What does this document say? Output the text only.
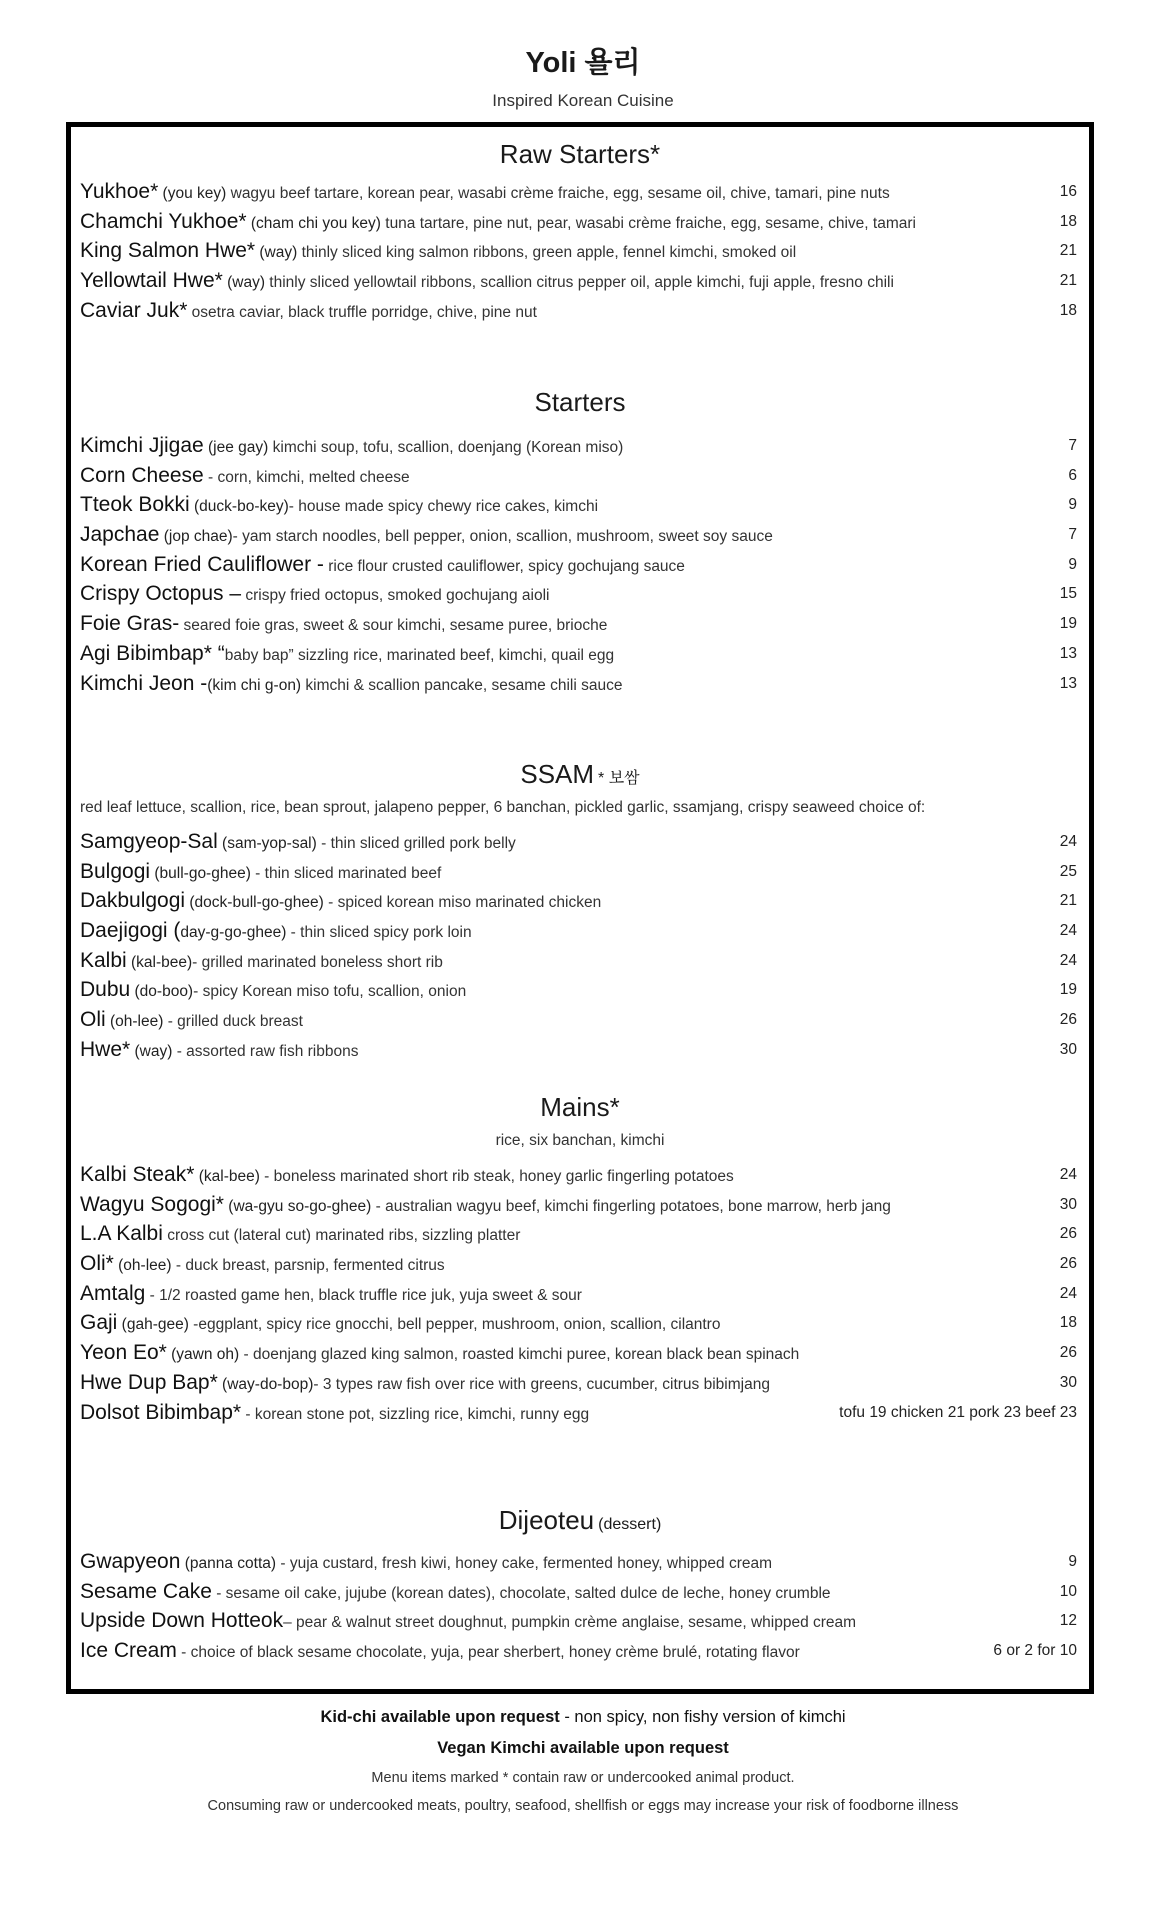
Yoli 욜리
Inspired Korean Cuisine
Raw Starters*
Yukhoe* (you key) wagyu beef tartare, korean pear, wasabi crème fraiche, egg, sesame oil, chive, tamari, pine nuts	16
Chamchi Yukhoe* (cham chi you key) tuna tartare, pine nut, pear, wasabi crème fraiche, egg, sesame, chive, tamari	18
King Salmon Hwe* (way) thinly sliced king salmon ribbons, green apple, fennel kimchi, smoked oil	21
Yellowtail Hwe* (way) thinly sliced yellowtail ribbons, scallion citrus pepper oil, apple kimchi, fuji apple, fresno chili	21
Caviar Juk* osetra caviar, black truffle porridge, chive, pine nut	18
Starters
Kimchi Jjigae (jee gay) kimchi soup, tofu, scallion, doenjang (Korean miso)	7
Corn Cheese - corn, kimchi, melted cheese	6
Tteok Bokki (duck-bo-key)- house made spicy chewy rice cakes, kimchi	9
Japchae (jop chae)- yam starch noodles, bell pepper, onion, scallion, mushroom, sweet soy sauce	7
Korean Fried Cauliflower - rice flour crusted cauliflower, spicy gochujang sauce	9
Crispy Octopus – crispy fried octopus, smoked gochujang aioli	15
Foie Gras- seared foie gras, sweet & sour kimchi, sesame puree, brioche	19
Agi Bibimbap* “baby bap” sizzling rice, marinated beef, kimchi, quail egg	13
Kimchi Jeon -(kim chi g-on) kimchi & scallion pancake, sesame chili sauce	13
SSAM * 보쌈
red leaf lettuce, scallion, rice, bean sprout, jalapeno pepper, 6 banchan, pickled garlic, ssamjang, crispy seaweed choice of:
Samgyeop-Sal (sam-yop-sal) - thin sliced grilled pork belly	24
Bulgogi (bull-go-ghee) - thin sliced marinated beef	25
Dakbulgogi (dock-bull-go-ghee) - spiced korean miso marinated chicken	21
Daejigogi (day-g-go-ghee) - thin sliced spicy pork loin	24
Kalbi (kal-bee)- grilled marinated boneless short rib	24
Dubu (do-boo)- spicy Korean miso tofu, scallion, onion	19
Oli (oh-lee) - grilled duck breast	26
Hwe* (way) - assorted raw fish ribbons	30
Mains*
rice, six banchan, kimchi
Kalbi Steak* (kal-bee) - boneless marinated short rib steak, honey garlic fingerling potatoes	24
Wagyu Sogogi* (wa-gyu so-go-ghee) - australian wagyu beef, kimchi fingerling potatoes, bone marrow, herb jang	30
L.A Kalbi cross cut (lateral cut) marinated ribs, sizzling platter	26
Oli* (oh-lee) - duck breast, parsnip, fermented citrus	26
Amtalg - 1/2 roasted game hen, black truffle rice juk, yuja sweet & sour	24
Gaji (gah-gee) -eggplant, spicy rice gnocchi, bell pepper, mushroom, onion, scallion, cilantro	18
Yeon Eo* (yawn oh) - doenjang glazed king salmon, roasted kimchi puree, korean black bean spinach	26
Hwe Dup Bap* (way-do-bop)- 3 types raw fish over rice with greens, cucumber, citrus bibimjang	30
Dolsot Bibimbap* - korean stone pot, sizzling rice, kimchi, runny egg	tofu 19 chicken 21 pork 23 beef 23
Dijeoteu (dessert)
Gwapyeon (panna cotta) - yuja custard, fresh kiwi, honey cake, fermented honey, whipped cream	9
Sesame Cake - sesame oil cake, jujube (korean dates), chocolate, salted dulce de leche, honey crumble	10
Upside Down Hotteok– pear & walnut street doughnut, pumpkin crème anglaise, sesame, whipped cream	12
Ice Cream - choice of black sesame chocolate, yuja, pear sherbert, honey crème brulé, rotating flavor	6 or 2 for 10
Kid-chi available upon request - non spicy, non fishy version of kimchi
Vegan Kimchi available upon request
Menu items marked * contain raw or undercooked animal product.
Consuming raw or undercooked meats, poultry, seafood, shellfish or eggs may increase your risk of foodborne illness
